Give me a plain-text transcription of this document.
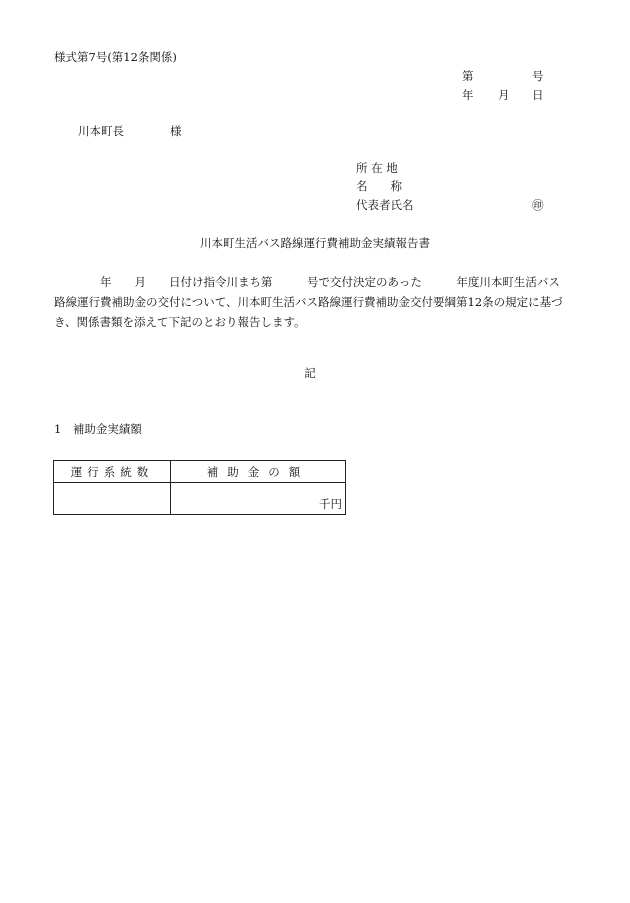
様式第7号(第12条関係)
第	号
年 月 日
川本町長	様
所 在 地
名　　称
代表者氏名	㊞
川本町生活バス路線運行費補助金実績報告書
　　　　年　　月　　日付け指令川まち第　　　号で交付決定のあった　　　年度川本町生活バス
路線運行費補助金の交付について、川本町生活バス路線運行費補助金交付要綱第12条の規定に基づ
き、関係書類を添えて下記のとおり報告します。
記
1　補助金実績額
運行系統数	補助金の額
	千円
